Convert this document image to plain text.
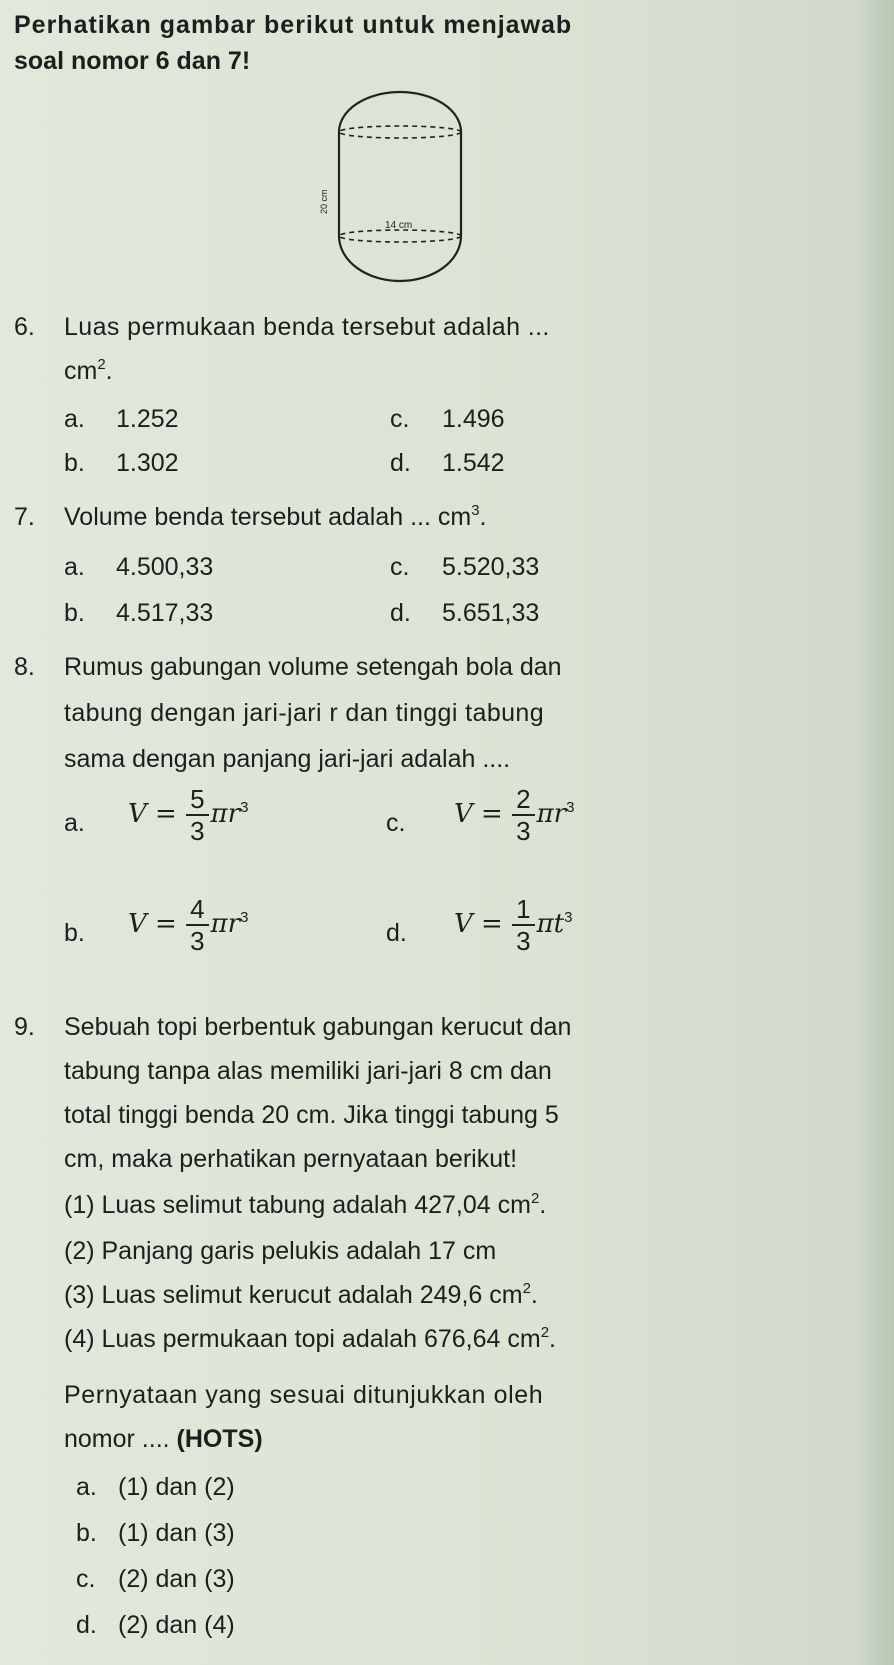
Perhatikan gambar berikut untuk menjawab
soal nomor 6 dan 7!
20 cm
14 cm
6. Luas permukaan benda tersebut adalah ...
$cm^2$.
a. 1.252	c. 1.496
b. 1.302	d. 1.542
7. Volume benda tersebut adalah ... $cm^3$.
a. 4.500,33	c. 5.520,33
b. 4.517,33	d. 5.651,33
8. Rumus gabungan volume setengah bola dan
tabung dengan jari-jari r dan tinggi tabung
sama dengan panjang jari-jari adalah ....
a. $V = \frac{5}{3} \pi r^3$
c. $V = \frac{2}{3} \pi r^3$
b. $V = \frac{4}{3} \pi r^3$
d. $V = \frac{1}{3} \pi t^3$
9. Sebuah topi berbentuk gabungan kerucut dan
tabung tanpa alas memiliki jari-jari 8 cm dan
total tinggi benda 20 cm. Jika tinggi tabung 5
cm, maka perhatikan pernyataan berikut!
(1) Luas selimut tabung adalah 427,04 $cm^2$.
(2) Panjang garis pelukis adalah 17 cm
(3) Luas selimut kerucut adalah 249,6 $cm^2$.
(4) Luas permukaan topi adalah 676,64 $cm^2$.
Pernyataan yang sesuai ditunjukkan oleh
nomor .... (HOTS)
a. (1) dan (2)
b. (1) dan (3)
c. (2) dan (3)
d. (2) dan (4)
